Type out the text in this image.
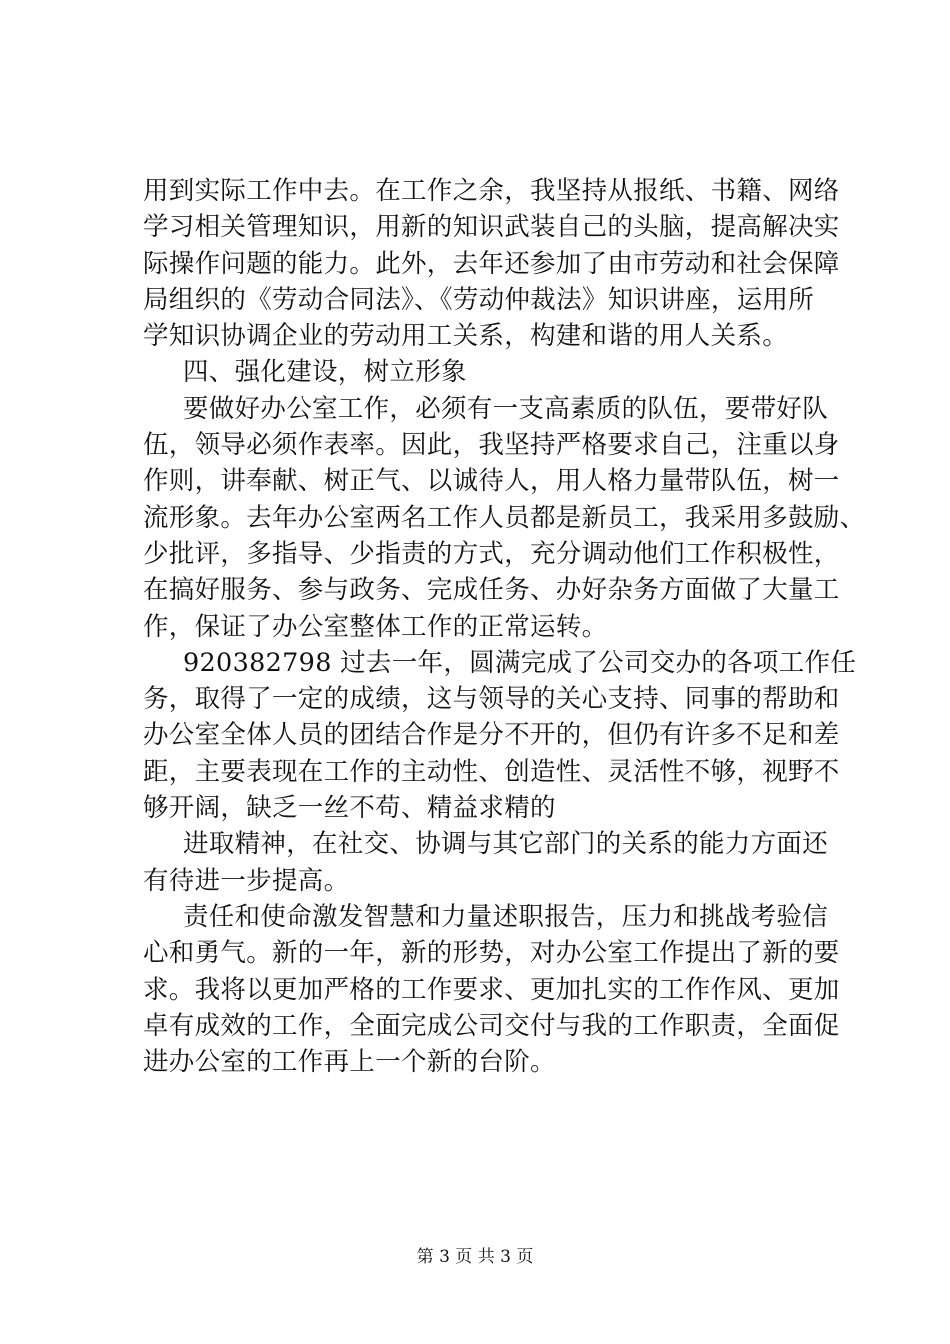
用到实际工作中去。在工作之余，我坚持从报纸、书籍、网络
学习相关管理知识，用新的知识武装自己的头脑，提高解决实
际操作问题的能力。此外，去年还参加了由市劳动和社会保障
局组织的《劳动合同法》、《劳动仲裁法》知识讲座，运用所
学知识协调企业的劳动用工关系，构建和谐的用人关系。
四、强化建设，树立形象
要做好办公室工作，必须有一支高素质的队伍，要带好队
伍，领导必须作表率。因此，我坚持严格要求自己，注重以身
作则，讲奉献、树正气、以诚待人，用人格力量带队伍，树一
流形象。去年办公室两名工作人员都是新员工，我采用多鼓励、
少批评，多指导、少指责的方式，充分调动他们工作积极性，
在搞好服务、参与政务、完成任务、办好杂务方面做了大量工
作，保证了办公室整体工作的正常运转。
920382798 过去一年，圆满完成了公司交办的各项工作任
务，取得了一定的成绩，这与领导的关心支持、同事的帮助和
办公室全体人员的团结合作是分不开的，但仍有许多不足和差
距，主要表现在工作的主动性、创造性、灵活性不够，视野不
够开阔，缺乏一丝不苟、精益求精的
进取精神，在社交、协调与其它部门的关系的能力方面还
有待进一步提高。
责任和使命激发智慧和力量述职报告，压力和挑战考验信
心和勇气。新的一年，新的形势，对办公室工作提出了新的要
求。我将以更加严格的工作要求、更加扎实的工作作风、更加
卓有成效的工作，全面完成公司交付与我的工作职责，全面促
进办公室的工作再上一个新的台阶。
第 3 页 共 3 页
